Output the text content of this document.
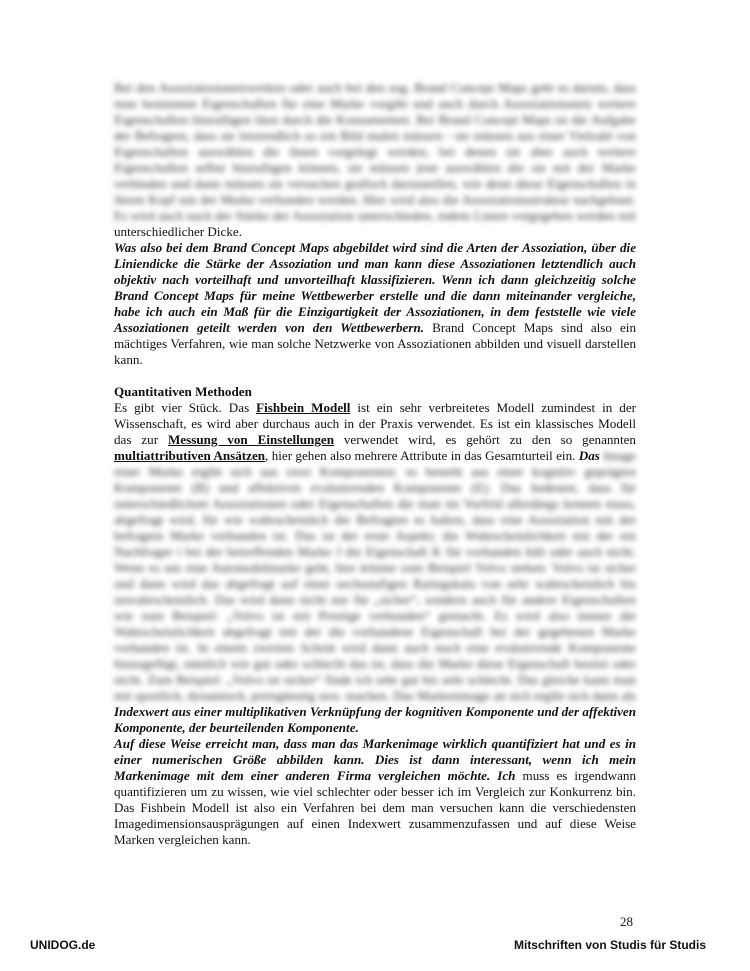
Bei den Assoziationsnetzwerken oder auch bei den sog. Brand Concept Maps geht es darum, dass man bestimmte Eigenschaften für eine Marke vorgibt und auch durch Assoziationsnetz weitere Eigenschaften hinzufügen lässt durch die Konsumenten. Bei Brand Concept Maps ist die Aufgabe der Befragten, dass sie letztendlich so ein Bild malen müssen - sie müssen aus einer Vielzahl von Eigenschaften auswählen die ihnen vorgelegt werden, bei denen sie aber auch weitere Eigenschaften selbst hinzufügen können, sie müssen jene auswählen die sie mit der Marke verbinden und dann müssen sie versuchen grafisch darzustellen, wie denn diese Eigenschaften in ihrem Kopf mit der Marke verbunden werden. Hier wird also die Assoziationsstruktur nachgebaut. Es wird auch nach der Stärke der Assoziation unterschieden, indem Linien vorgegeben werden mit unterschiedlicher Dicke.

Was also bei dem Brand Concept Maps abgebildet wird sind die Arten der Assoziation, über die Liniendicke die Stärke der Assoziation und man kann diese Assoziationen letztendlich auch objektiv nach vorteilhaft und unvorteilhaft klassifizieren. Wenn ich dann gleichzeitig solche Brand Concept Maps für meine Wettbewerber erstelle und die dann miteinander vergleiche, habe ich auch ein Maß für die Einzigartigkeit der Assoziationen, in dem feststelle wie viele Assoziationen geteilt werden von den Wettbewerbern. Brand Concept Maps sind also ein mächtiges Verfahren, wie man solche Netzwerke von Assoziationen abbilden und visuell darstellen kann.

Quantitativen Methoden

Es gibt vier Stück. Das Fishbein Modell ist ein sehr verbreitetes Modell zumindest in der Wissenschaft, es wird aber durchaus auch in der Praxis verwendet. Es ist ein klassisches Modell das zur Messung von Einstellungen verwendet wird, es gehört zu den so genannten multiattributiven Ansätzen, hier gehen also mehrere Attribute in das Gesamturteil ein. Das Image einer Marke ergibt sich aus zwei Komponenten: es besteht aus einer kognitiv geprägten Komponente (B) und affektiven evaluierenden Komponente (E). Das bedeutet, dass für unterschiedlichste Assoziationen oder Eigenschaften die man im Vorfeld allerdings kennen muss, abgefragt wird, für wie wahrscheinlich die Befragten es halten, dass eine Assoziation mit der befragten Marke verbunden ist. Das ist der erste Aspekt; die Wahrscheinlichkeit mit der ein Nachfrager i bei der betreffenden Marke J die Eigenschaft K für vorhanden hält oder auch nicht. Wenn es um eine Automobilmarke geht, hier könnte zum Beispiel Volvo stehen: Volvo ist sicher und dann wird das abgefragt auf einer sechsstufigen Ratingskala von sehr wahrscheinlich bis unwahrscheinlich. Das wird dann nicht nur für „sicher“, sondern auch für andere Eigenschaften wie zum Beispiel: „Volvo ist mit Prestige verbunden“ gemacht. Es wird also immer die Wahrscheinlichkeit abgefragt mit der die vorhandene Eigenschaft bei der gegebenen Marke vorhanden ist. In einem zweiten Schritt wird dann auch noch eine evaluierende Komponente hinzugefügt, nämlich wie gut oder schlecht das ist, dass die Marke diese Eigenschaft besitzt oder nicht. Zum Beispiel: „Volvo ist sicher“ finde ich sehr gut bis sehr schlecht. Das gleiche kann man mit sportlich, dynamisch, preisgünstig usw. machen. Das Markenimage an sich ergibt sich dann als Indexwert aus einer multiplikativen Verknüpfung der kognitiven Komponente und der affektiven Komponente, der beurteilenden Komponente.

Auf diese Weise erreicht man, dass man das Markenimage wirklich quantifiziert hat und es in einer numerischen Größe abbilden kann. Dies ist dann interessant, wenn ich mein Markenimage mit dem einer anderen Firma vergleichen möchte. Ich muss es irgendwann quantifizieren um zu wissen, wie viel schlechter oder besser ich im Vergleich zur Konkurrenz bin. Das Fishbein Modell ist also ein Verfahren bei dem man versuchen kann die verschiedensten Imagedimensionsausprägungen auf einen Indexwert zusammenzufassen und auf diese Weise Marken vergleichen kann.

28
UNIDOG.de	Mitschriften von Studis für Studis
